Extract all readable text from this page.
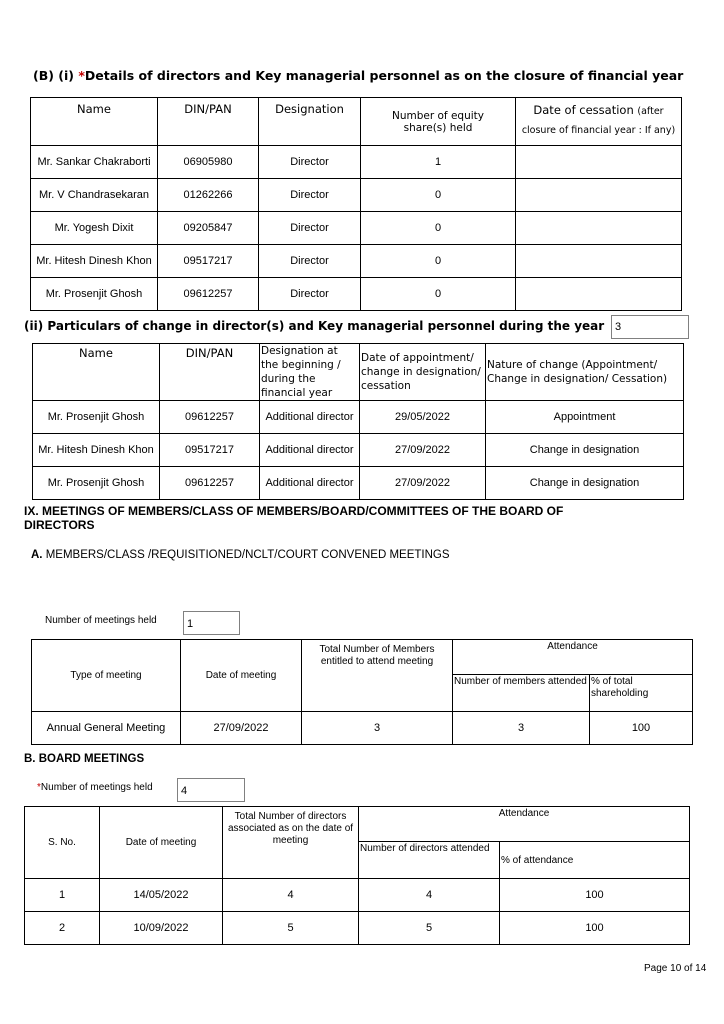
(B) (i) *Details of directors and Key managerial personnel as on the closure of financial year
Name	DIN/PAN	Designation	Number of equity share(s) held	Date of cessation (after closure of financial year : If any)
Mr. Sankar Chakraborti	06905980	Director	1	
Mr. V Chandrasekaran	01262266	Director	0	
Mr. Yogesh Dixit	09205847	Director	0	
Mr. Hitesh Dinesh Khon	09517217	Director	0	
Mr. Prosenjit Ghosh	09612257	Director	0	
(ii) Particulars of change in director(s) and Key managerial personnel during the year 3
Name	DIN/PAN	Designation at the beginning / during the financial year	Date of appointment/ change in designation/ cessation	Nature of change (Appointment/ Change in designation/ Cessation)
Mr. Prosenjit Ghosh	09612257	Additional director	29/05/2022	Appointment
Mr. Hitesh Dinesh Khon	09517217	Additional director	27/09/2022	Change in designation
Mr. Prosenjit Ghosh	09612257	Additional director	27/09/2022	Change in designation
IX. MEETINGS OF MEMBERS/CLASS OF MEMBERS/BOARD/COMMITTEES OF THE BOARD OF DIRECTORS
A. MEMBERS/CLASS /REQUISITIONED/NCLT/COURT CONVENED MEETINGS
Number of meetings held	1
Type of meeting	Date of meeting	Total Number of Members entitled to attend meeting	Attendance	
			Number of members attended	% of total shareholding
Annual General Meeting	27/09/2022	3	3	100
B. BOARD MEETINGS
*Number of meetings held	4
S. No.	Date of meeting	Total Number of directors associated as on the date of meeting	Attendance	
			Number of directors attended	% of attendance
1	14/05/2022	4	4	100
2	10/09/2022	5	5	100
Page 10 of 14
